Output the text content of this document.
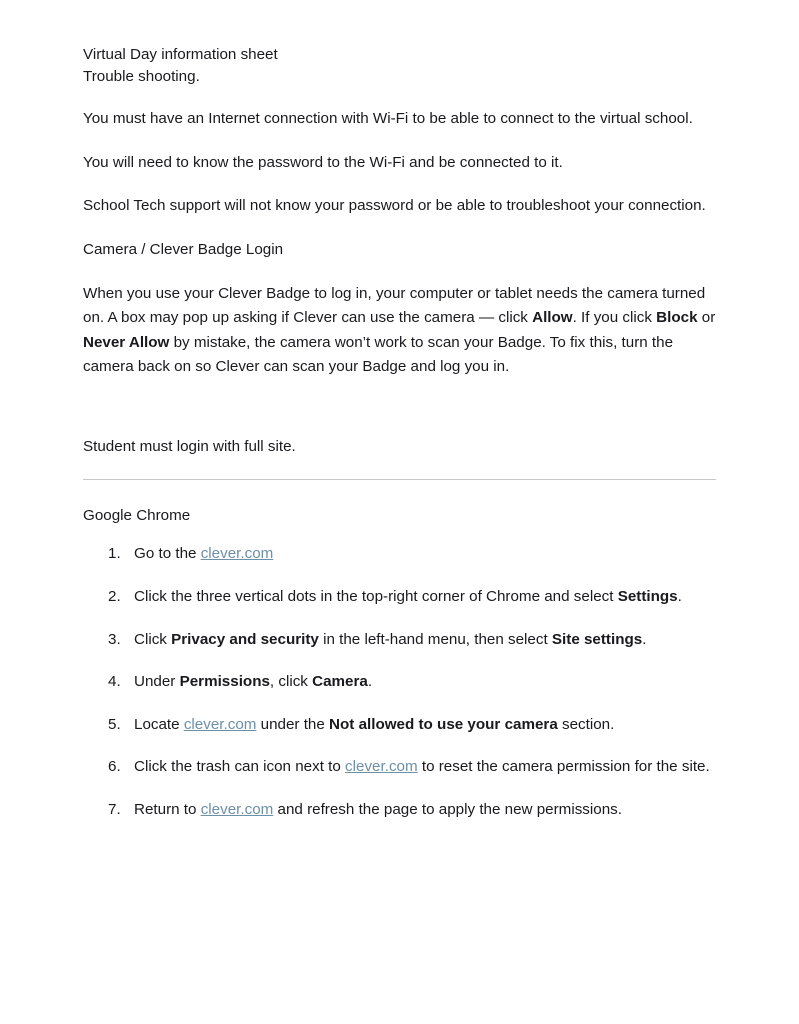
Virtual Day information sheet
Trouble shooting.

You must have an Internet connection with Wi-Fi to be able to connect to the virtual school.

You will need to know the password to the Wi-Fi and be connected to it.

School Tech support will not know your password or be able to troubleshoot your connection.

Camera / Clever Badge Login

When you use your Clever Badge to log in, your computer or tablet needs the camera turned on. A box may pop up asking if Clever can use the camera — click Allow. If you click Block or Never Allow by mistake, the camera won’t work to scan your Badge. To fix this, turn the camera back on so Clever can scan your Badge and log you in.

Student must login with full site.

Google Chrome

Go to the clever.com
Click the three vertical dots in the top-right corner of Chrome and select Settings.
Click Privacy and security in the left-hand menu, then select Site settings.
Under Permissions, click Camera.
Locate clever.com under the Not allowed to use your camera section.
Click the trash can icon next to clever.com to reset the camera permission for the site.
Return to clever.com and refresh the page to apply the new permissions.
